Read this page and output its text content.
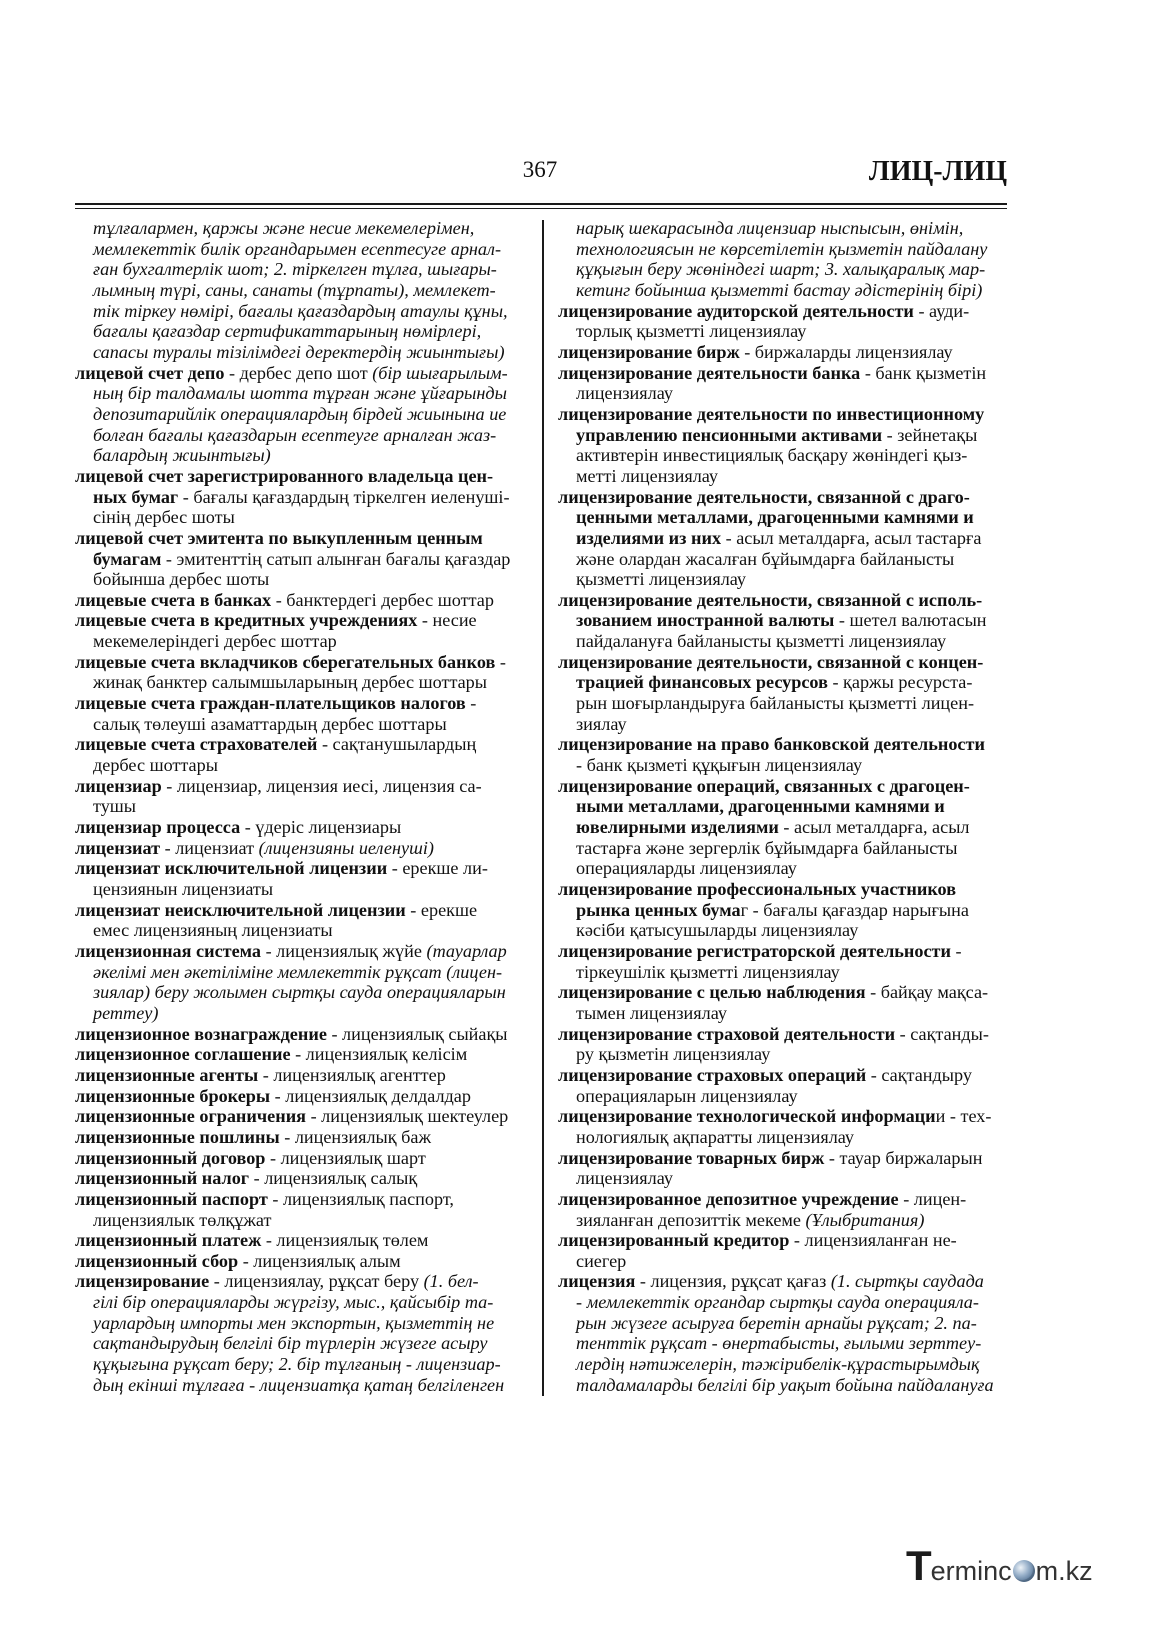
367	ЛИЦ-ЛИЦ
тұлғалармен, қаржы және несие мекемелерімен,
мемлекеттік билік органдарымен есептесуге арнал-
ған бухгалтерлік шот; 2. тіркелген тұлға, шығары-
лымның түрі, саны, санаты (тұрпаты), мемлекет-
тік тіркеу нөмірі, бағалы қағаздардың атаулы құны,
бағалы қағаздар сертификаттарының нөмірлері,
сапасы туралы тізілімдегі деректердің жиынтығы)
лицевой счет депо - дербес депо шот (бір шығарылым-
ның бір талдамалы шотта тұрған және ұйғарынды
депозитарийлік операциялардың бірдей жиынына ие
болған бағалы қағаздарын есептеуге арналған жаз-
балардың жиынтығы)
лицевой счет зарегистрированного владельца цен-
ных бумаг - бағалы қағаздардың тіркелген иеленуші-
сінің дербес шоты
лицевой счет эмитента по выкупленным ценным
бумагам - эмитенттің сатып алынған бағалы қағаздар
бойынша дербес шоты
лицевые счета в банках - банктердегі дербес шоттар
лицевые счета в кредитных учреждениях - несие
мекемелеріндегі дербес шоттар
лицевые счета вкладчиков сберегательных банков -
жинақ банктер салымшыларының дербес шоттары
лицевые счета граждан-плательщиков налогов -
салық төлеуші азаматтардың дербес шоттары
лицевые счета страхователей - сақтанушылардың
дербес шоттары
лицензиар - лицензиар, лицензия иесі, лицензия са-
тушы
лицензиар процесса - үдеріс лицензиары
лицензиат - лицензиат (лицензияны иеленуші)
лицензиат исключительной лицензии - ерекше ли-
цензиянын лицензиаты
лицензиат неисключительной лицензии - ерекше
емес лицензияның лицензиаты
лицензионная система - лицензиялық жүйе (тауарлар
әкелімі мен әкетіліміне мемлекеттік рұқсат (лицен-
зиялар) беру жолымен сыртқы сауда операцияларын
реттеу)
лицензионное вознаграждение - лицензиялық сыйақы
лицензионное соглашение - лицензиялық келісім
лицензионные агенты - лицензиялық агенттер
лицензионные брокеры - лицензиялық делдалдар
лицензионные ограничения - лицензиялық шектеулер
лицензионные пошлины - лицензиялық баж
лицензионный договор - лицензиялық шарт
лицензионный налог - лицензиялық салық
лицензионный паспорт - лицензиялық паспорт,
лицензиялык төлқұжат
лицензионный платеж - лицензиялық төлем
лицензионный сбор - лицензиялық алым
лицензирование - лицензиялау, рұқсат беру (1. бел-
гілі бір операцияларды жүргізу, мыс., қайсыбір та-
уарлардың импорты мен экспортын, қызметтің не
сақтандырудың белгілі бір түрлерін жүзеге асыру
құқығына рұқсат беру; 2. бір тұлғаның - лицензиар-
дың екінші тұлғаға - лицензиатқа қатаң белгіленген
нарық шекарасында лицензиар ныспысын, өнімін,
технологиясын не көрсетілетін қызметін пайдалану
құқығын беру жөніндегі шарт; 3. халықаралық мар-
кетинг бойынша қызметті бастау әдістерінің бірі)
лицензирование аудиторской деятельности - ауди-
торлық қызметті лицензиялау
лицензирование бирж - биржаларды лицензиялау
лицензирование деятельности банка - банк қызметін
лицензиялау
лицензирование деятельности по инвестиционному
управлению пенсионными активами - зейнетақы
активтерін инвестициялық басқару жөніндегі қыз-
метті лицензиялау
лицензирование деятельности, связанной с драго-
ценными металлами, драгоценными камнями и
изделиями из них - асыл металдарға, асыл тастарға
және олардан жасалған бұйымдарға байланысты
қызметті лицензиялау
лицензирование деятельности, связанной с исполь-
зованием иностранной валюты - шетел валютасын
пайдалануға байланысты қызметті лицензиялау
лицензирование деятельности, связанной с концен-
трацией финансовых ресурсов - қаржы ресурста-
рын шоғырландыруға байланысты қызметті лицен-
зиялау
лицензирование на право банковской деятельности
- банк қызметі құқығын лицензиялау
лицензирование операций, связанных с драгоцен-
ными металлами, драгоценными камнями и
ювелирными изделиями - асыл металдарға, асыл
тастарға және зергерлік бұйымдарға байланысты
операцияларды лицензиялау
лицензирование профессиональных участников
рынка ценных бумаг - бағалы қағаздар нарығына
кәсіби қатысушыларды лицензиялау
лицензирование регистраторской деятельности -
тіркеушілік қызметті лицензиялау
лицензирование с целью наблюдения - байқау мақса-
тымен лицензиялау
лицензирование страховой деятельности - сақтанды-
ру қызметін лицензиялау
лицензирование страховых операций - сақтандыру
операцияларын лицензиялау
лицензирование технологической информации - тех-
нологиялық ақпаратты лицензиялау
лицензирование товарных бирж - тауар биржаларын
лицензиялау
лицензированное депозитное учреждение - лицен-
зияланған депозиттік мекеме (Ұлыбритания)
лицензированный кредитор - лицензияланған не-
сиегер
лицензия - лицензия, рұқсат қағаз (1. сыртқы саудада
- мемлекеттік органдар сыртқы сауда операцияла-
рын жүзеге асыруға беретін арнайы рұқсат; 2. па-
тенттік рұқсат - өнертабысты, ғылыми зерттеу-
лердің нәтижелерін, тәжірибелік-құрастырымдық
талдамаларды белгілі бір уақыт бойына пайдалануға
Terminc m.kz
